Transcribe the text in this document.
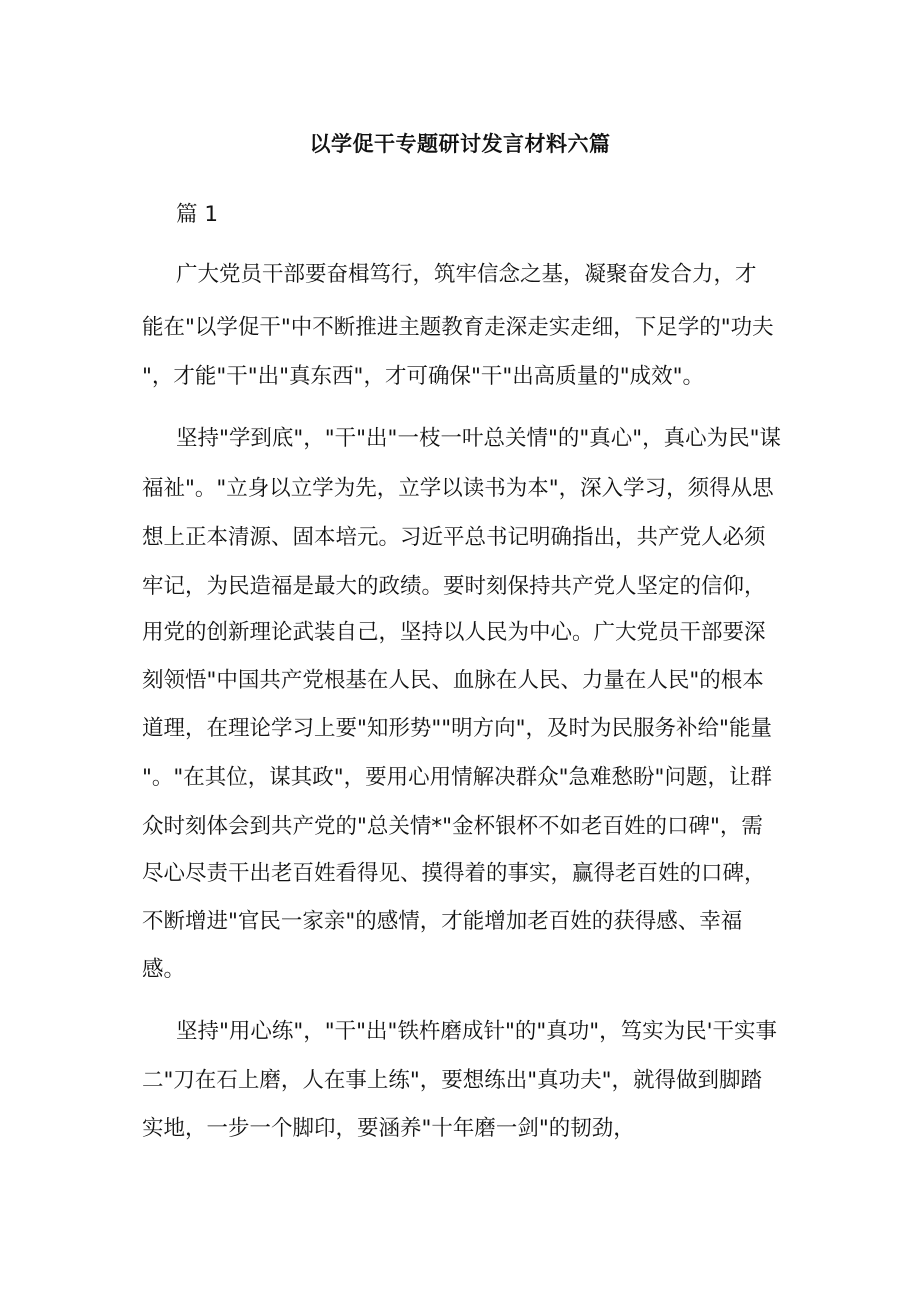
以学促干专题研讨发言材料六篇
篇 1
广大党员干部要奋楫笃行，筑牢信念之基，凝聚奋发合力，才
能在"以学促干"中不断推进主题教育走深走实走细，下足学的"功夫
"，才能"干"出"真东西"，才可确保"干"出高质量的"成效"。
坚持"学到底"，"干"出"一枝一叶总关情"的"真心"，真心为民"谋
福祉"。"立身以立学为先，立学以读书为本"，深入学习，须得从思
想上正本清源、固本培元。习近平总书记明确指出，共产党人必须
牢记，为民造福是最大的政绩。要时刻保持共产党人坚定的信仰，
用党的创新理论武装自己，坚持以人民为中心。广大党员干部要深
刻领悟"中国共产党根基在人民、血脉在人民、力量在人民"的根本
道理，在理论学习上要"知形势""明方向"，及时为民服务补给"能量
"。"在其位，谋其政"，要用心用情解决群众"急难愁盼"问题，让群
众时刻体会到共产党的"总关情*"金杯银杯不如老百姓的口碑"，需
尽心尽责干出老百姓看得见、摸得着的事实，赢得老百姓的口碑，
不断增进"官民一家亲"的感情，才能增加老百姓的获得感、幸福
感。
坚持"用心练"，"干"出"铁杵磨成针"的"真功"，笃实为民'干实事
二"刀在石上磨，人在事上练"，要想练出"真功夫"，就得做到脚踏
实地，一步一个脚印，要涵养"十年磨一剑"的韧劲，
